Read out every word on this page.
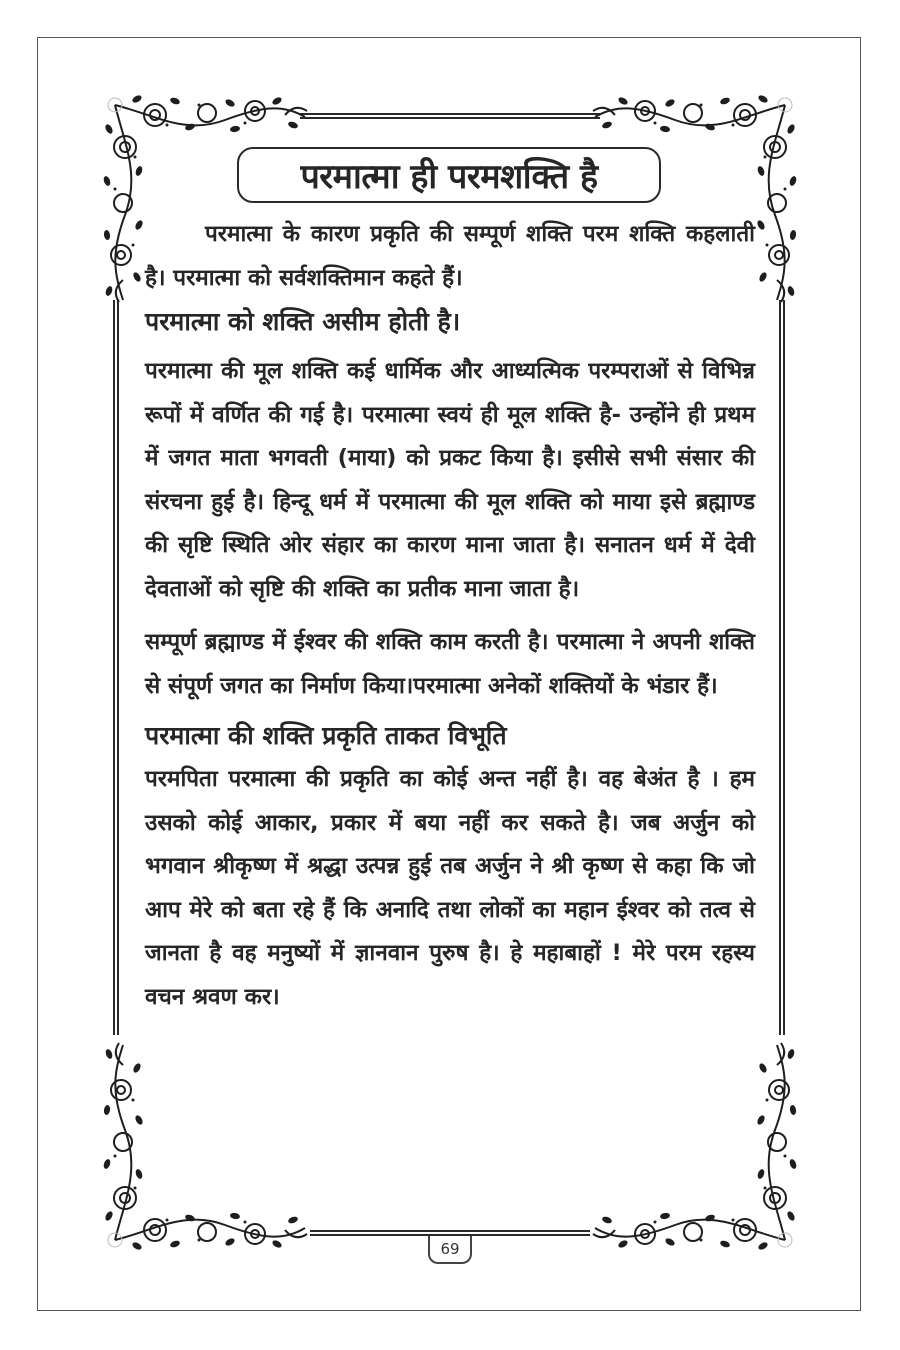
परमात्मा ही परमशक्ति है

परमात्मा के कारण प्रकृति की सम्पूर्ण शक्ति परम शक्ति कहलाती है। परमात्मा को सर्वशक्तिमान कहते हैं।

परमात्मा को शक्ति असीम होती है।

परमात्मा की मूल शक्ति कई धार्मिक और आध्यत्मिक परम्पराओं से विभिन्न रूपों में वर्णित की गई है। परमात्मा स्वयं ही मूल शक्ति है- उन्होंने ही प्रथम में जगत माता भगवती (माया) को प्रकट किया है। इसीसे सभी संसार की संरचना हुई है। हिन्दू धर्म में परमात्मा की मूल शक्ति को माया इसे ब्रह्माण्ड की सृष्टि स्थिति ओर संहार का कारण माना जाता है। सनातन धर्म में देवी देवताओं को सृष्टि की शक्ति का प्रतीक माना जाता है।

सम्पूर्ण ब्रह्माण्ड में ईश्वर की शक्ति काम करती है। परमात्मा ने अपनी शक्ति से संपूर्ण जगत का निर्माण किया।परमात्मा अनेकों शक्तियों के भंडार हैं।

परमात्मा की शक्ति प्रकृति ताकत विभूति

परमपिता परमात्मा की प्रकृति का कोई अन्त नहीं है। वह बेअंत है । हम उसको कोई आकार, प्रकार में बया नहीं कर सकते है। जब अर्जुन को भगवान श्रीकृष्ण में श्रद्धा उत्पन्न हुई तब अर्जुन ने श्री कृष्ण से कहा कि जो आप मेरे को बता रहे हैं कि अनादि तथा लोकों का महान ईश्वर को तत्व से जानता है वह मनुष्यों में ज्ञानवान पुरुष है। हे महाबाहों ! मेरे परम रहस्य वचन श्रवण कर।

69
